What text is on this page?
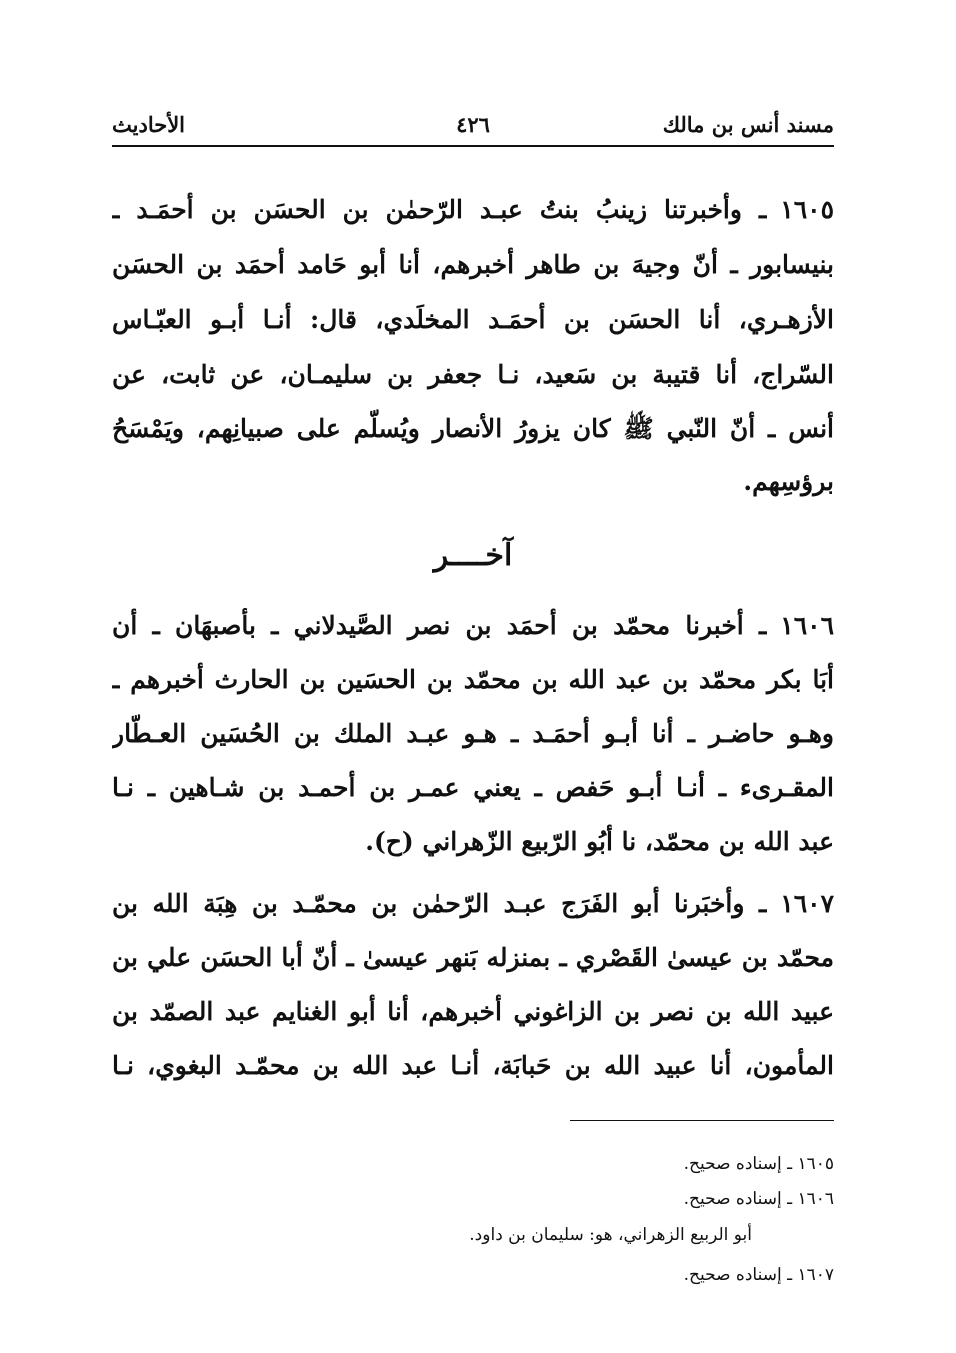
مسند أنس بن مالك
٤٢٦
الأحاديث
١٦٠٥ـ وأخبرتنا زينبُ بنتُ عبـد الرّحمٰن بن الحسَن بن أحمَـد ـ
بنيسابور ـ أنّ وجيهَ بن طاهر أخبرهم، أنا أبو حَامد أحمَد بن الحسَن
الأزهـري، أنا الحسَن بن أحمَـد المخلَدي، قال: أنـا أبـو العبّـاس
السّراج، أنا قتيبة بن سَعيد، نـا جعفر بن سليمـان، عن ثابت، عن
أنس ـ أنّ النّبي ﷺ كان يزورُ الأنصار ويُسلّم على صبيانِهم، ويَمْسَحُ
برؤسِهم.
آخــــر
١٦٠٦ـ أخبرنا محمّد بن أحمَد بن نصر الصَّيدلاني ـ بأصبهَان ـ أن
أبَا بكر محمّد بن عبد الله بن محمّد بن الحسَين بن الحارث أخبرهم ـ
وهـو حاضـر ـ أنا أبـو أحمَـد ـ هـو عبـد الملك بن الحُسَين العـطّار
المقـرىء ـ أنـا أبـو حَفص ـ يعني عمـر بن أحمـد بن شـاهين ـ نـا
عبد الله بن محمّد، نا أبُو الرّبيع الزّهراني (ح).
١٦٠٧ـ وأخبَرنا أبو الفَرَج عبـد الرّحمٰن بن محمّـد بن هِبَة الله بن
محمّد بن عيسىٰ القَصْري ـ بمنزله بَنهر عيسىٰ ـ أنّ أبا الحسَن علي بن
عبيد الله بن نصر بن الزاغوني أخبرهم، أنا أبو الغنايم عبد الصمّد بن
المأمون، أنا عبيد الله بن حَبابَة، أنـا عبد الله بن محمّـد البغوي، نـا
١٦٠٥ ـ إسناده صحيح.
١٦٠٦ ـ إسناده صحيح.
أبو الربيع الزهراني، هو: سليمان بن داود.
١٦٠٧ ـ إسناده صحيح.
